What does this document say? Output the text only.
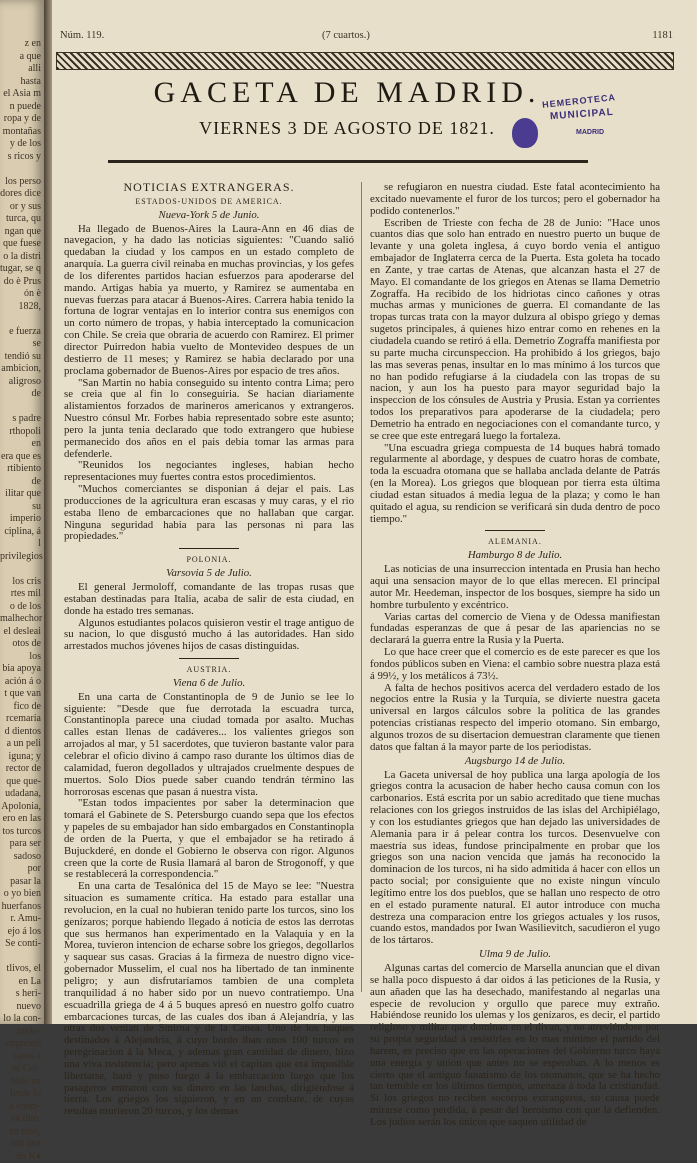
z en
a que
alli
hasta
el Asia m
n puede
ropa y de
montañas
y de los
s ricos y

los perso
dores dice
or y sus
turca, qu
ngan que
que fuese
o la distri
tugar, se q
do è Prus
ón è 1828,

e fuerza se
tendió su
ambicion,
aligroso de

s padre
rthopoli en
era que es
rtibiento de
ilitar que
su imperio
ciplina, á l
privilegios

los cris
rtes mil
o de los
malhechor
el desleai
otos de los
bia apoya
ación á o
t que van
fico de
rcemaria
d dientos
a un peli
iguna; y
rector de
que que-
udadana,
Apolonia,
ero en las
tos turcos
para ser
sadoso por
pasar la
o yo bien
huerfanos
r. Amu-
ejo á los
Se conti-

tlivos, el
en La
s heri-
nuevo
lo la con-
invio-
ongresso
rasos a
se Cor-
bido en
lesde lo
a enem-
rit dito,
en ruso,
iste una
ón K♦
Núm. 119.	(7 cuartos.)	1181
GACETA DE MADRID.
VIERNES 3 DE AGOSTO DE 1821.
HEMEROTECA
MUNICIPAL
MADRID
NOTICIAS EXTRANGERAS.
ESTADOS-UNIDOS DE AMERICA.
Nueva-York 5 de Junio.

Ha llegado de Buenos-Aires la Laura-Ann en 46 dias de navegacion, y ha dado las noticias siguientes: "Cuando salió quedaban la ciudad y los campos en un estado completo de anarquía. La guerra civil reinaba en muchas provincias, y los gefes de los diferentes partidos hacian esfuerzos para apoderarse del mando. Artigas habia ya muerto, y Ramirez se aumentaba en nuevas fuerzas para atacar á Buenos-Aires. Carrera habia tenido la fortuna de lograr ventajas en lo interior contra sus enemigos con un corto número de tropas, y habia interceptado la comunicacion con Chile. Se creia que obraria de acuerdo con Ramirez. El primer director Puirredon habia vuelto de Montevideo despues de un destierro de 11 meses; y Ramirez se habia declarado por una proclama gobernador de Buenos-Aires por espacio de tres años.

"San Martin no habia conseguido su intento contra Lima; pero se creia que al fin lo conseguiria. Se hacian diariamente alistamientos forzados de marineros americanos y extrangeros. Nuestro cónsul Mr. Forbes habia representado sobre este asunto; pero la junta tenia declarado que todo extrangero que hubiese permanecido dos años en el pais debia tomar las armas para defenderle.

"Reunidos los negociantes ingleses, habian hecho representaciones muy fuertes contra estos procedimientos.

"Muchos comerciantes se disponian á dejar el pais. Las producciones de la agricultura eran escasas y muy caras, y el rio estaba lleno de embarcaciones que no hallaban que cargar. Ninguna seguridad habia para las personas ni para las propiedades."

POLONIA.
Varsovia 5 de Julio.

El general Jermoloff, comandante de las tropas rusas que estaban destinadas para Italia, acaba de salir de esta ciudad, en donde ha estado tres semanas.

Algunos estudiantes polacos quisieron vestir el trage antiguo de su nacion, lo que disgustó mucho á las autoridades. Han sido arrestados muchos jóvenes hijos de casas distinguidas.

AUSTRIA.
Viena 6 de Julio.

En una carta de Constantinopla de 9 de Junio se lee lo siguiente: "Desde que fue derrotada la escuadra turca, Constantinopla parece una ciudad tomada por asalto. Muchas calles estan llenas de cadáveres... los valientes griegos son arrojados al mar, y 51 sacerdotes, que tuvieron bastante valor para celebrar el oficio divino á campo raso durante los últimos dias de calamidad, fueron degollados y ultrajados cruelmente despues de muertos. Solo Dios puede saber cuando tendrán término las horrorosas escenas que pasan á nuestra vista.

"Estan todos impacientes por saber la determinacion que tomará el Gabinete de S. Petersburgo cuando sepa que los efectos y papeles de su embajador han sido embargados en Constantinopla de orden de la Puerta, y que el embajador se ha retirado á Bujuckderé, en donde el Gobierno le observa con rigor. Algunos creen que la corte de Rusia llamará al baron de Strogonoff, y que se restablecerá la correspondencia."

En una carta de Tesalónica del 15 de Mayo se lee: "Nuestra situacion es sumamente crítica. Ha estado para estallar una revolucion, en la cual no hubieran tenido parte los turcos, sino los genízaros; porque habiendo llegado á noticia de estos las derrotas que sus hermanos han experimentado en la Valaquia y en la Morea, tuvieron intencion de echarse sobre los griegos, degollarlos y saquear sus casas. Gracias á la firmeza de nuestro digno vice-gobernador Musselim, el cual nos ha libertado de tan inminente peligro; y aun disfrutaríamos tambien de una completa tranquilidad á no haber sido por un nuevo contratiempo. Una escuadrilla griega de 4 á 5 buques apresó en nuestro golfo cuatro embarcaciones turcas, de las cuales dos iban á Alejandría, y las otras dos venian de Smirna y de la Canea. Uno de los buques destinados á Alejandría, á cuyo bordo iban unos 100 turcos en peregrinacion á la Meca, y ademas gran cantidad de dinero, hizo una viva resistencia; pero apenas vió el capitan que era imposible libertarse, baró y puso fuego á la embarcacion luego que los pasageros entraron con su dinero en las lanchas, dirigiéndose á tierra. Los griegos los siguieron, y en un combate, de cuyas resultas murieron 20 turcos, y los demas

se refugiaron en nuestra ciudad. Este fatal acontecimiento ha excitado nuevamente el furor de los turcos; pero el gobernador ha podido contenerlos."

Escriben de Trieste con fecha de 28 de Junio: "Hace unos cuantos dias que solo han entrado en nuestro puerto un buque de levante y una goleta inglesa, á cuyo bordo venia el antiguo embajador de Inglaterra cerca de la Puerta. Esta goleta ha tocado en Zante, y trae cartas de Atenas, que alcanzan hasta el 27 de Mayo. El comandante de los griegos en Atenas se llama Demetrio Zograffa. Ha recibido de los hidriotas cinco cañones y otras muchas armas y municiones de guerra. El comandante de las tropas turcas trata con la mayor dulzura al obispo griego y demas sugetos principales, á quienes hizo entrar como en rehenes en la ciudadela cuando se retiró á ella. Demetrio Zograffa manifiesta por su parte mucha circunspeccion. Ha prohibido á los griegos, bajo las mas severas penas, insultar en lo mas mínimo á los turcos que no han podido refugiarse á la ciudadela con las tropas de su nacion, y aun los ha puesto para mayor seguridad bajo la inspeccion de los cónsules de Austria y Prusia. Estan ya corrientes todos los preparativos para apoderarse de la ciudadela; pero Demetrio ha entrado en negociaciones con el comandante turco, y se cree que este entregará luego la fortaleza.

"Una escuadra griega compuesta de 14 buques habrá tomado regularmente al abordage, y despues de cuatro horas de combate, toda la escuadra otomana que se hallaba anclada delante de Patrás (en la Morea). Los griegos que bloquean por tierra esta última ciudad estan situados á media legua de la plaza; y como le han quitado el agua, su rendicion se verificará sin duda dentro de poco tiempo."

ALEMANIA.
Hamburgo 8 de Julio.

Las noticias de una insurreccion intentada en Prusia han hecho aqui una sensacion mayor de lo que ellas merecen. El principal autor Mr. Heedeman, inspector de los bosques, siempre ha sido un hombre turbulento y excéntrico.

Varias cartas del comercio de Viena y de Odessa manifiestan fundadas esperanzas de que á pesar de las apariencias no se declarará la guerra entre la Rusia y la Puerta.

Lo que hace creer que el comercio es de este parecer es que los fondos públicos suben en Viena: el cambio sobre nuestra plaza está á 99½, y los metálicos á 73½.

A falta de hechos positivos acerca del verdadero estado de los negocios entre la Rusia y la Turquía, se divierte nuestra gaceta universal en largos cálculos sobre la política de las grandes potencias cristianas respecto del imperio otomano. Sin embargo, algunos trozos de su disertacion demuestran claramente que tienen datos que faltan á la mayor parte de los periodistas.

Augsburgo 14 de Julio.

La Gaceta universal de hoy publica una larga apología de los griegos contra la acusacion de haber hecho causa comun con los carbonarios. Está escrita por un sabio acreditado que tiene muchas relaciones con los griegos instruidos de las islas del Archipiélago, y con los estudiantes griegos que han dejado las universidades de Alemania para ir á pelear contra los turcos. Desenvuelve con maestría sus ideas, fundose principalmente en probar que los griegos son una nacion vencida que jamás ha reconocido la dominacion de los turcos, ni ha sido admitida á hacer con ellos un pacto social; por consiguiente que no existe ningun vínculo legítimo entre los dos pueblos, que se hallan uno respecto de otro en el estado puramente natural. El autor introduce con mucha destreza una comparacion entre los griegos actuales y los rusos, cuando estos, mandados por Iwan Wasilievitch, sacudieron el yugo de los tártaros.

Ulma 9 de Julio.

Algunas cartas del comercio de Marsella anuncian que el divan se halla poco dispuesto á dar oidos á las peticiones de la Rusia, y aun añaden que las ha desechado, manifestando al negarlas una especie de revolucion y orgullo que parece muy extraño. Habiéndose reunido los ulemas y los genízaros, es decir, el partido religioso y militar que dominan en el divan, y no atreviéndose por su propia seguridad á resistirles en lo mas mínimo el partido del harem, es preciso que en las operaciones del Gobierno turco haya una energía y union que antes no se esperaban. A lo menos es cierto que el antiguo fanatismo de los otomanos, que se ha hecho tan temible en los últimos tiempos, amenaza á toda la cristiandad. Si los griegos no reciben socorros extrangeros, su causa puede mirarse como perdida, á pesar del heroismo con que la defienden. Los judíos serán los únicos que saquen utilidad de
